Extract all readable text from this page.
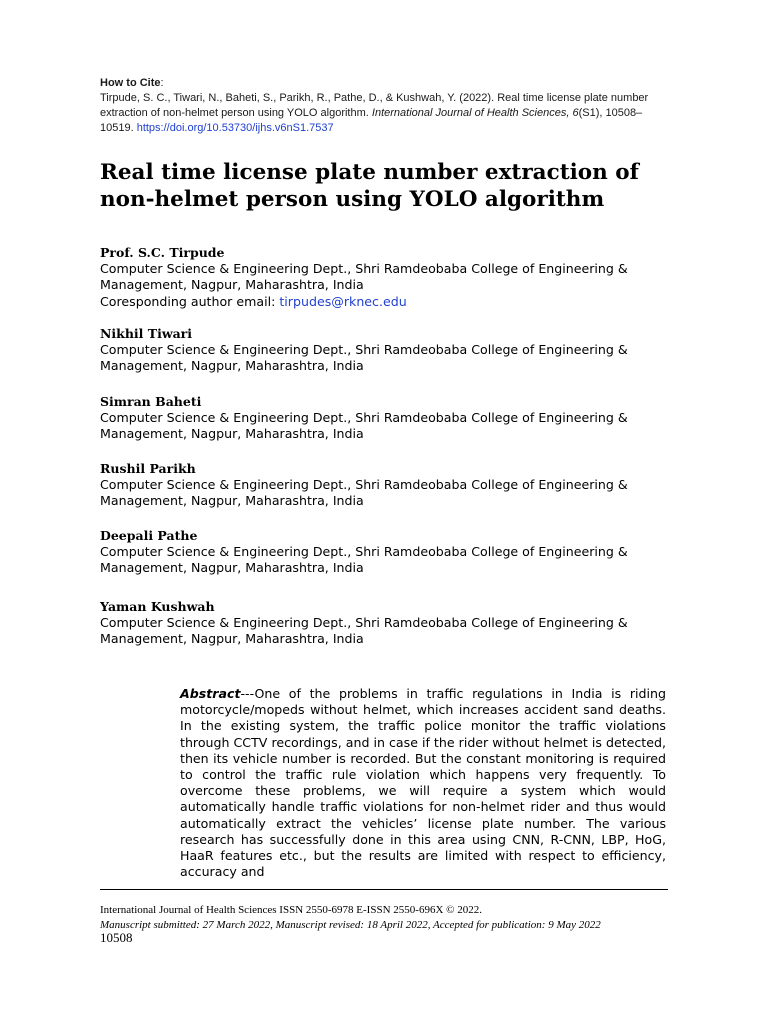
How to Cite:
Tirpude, S. C., Tiwari, N., Baheti, S., Parikh, R., Pathe, D., & Kushwah, Y. (2022). Real time license plate number extraction of non-helmet person using YOLO algorithm. International Journal of Health Sciences, 6(S1), 10508–10519. https://doi.org/10.53730/ijhs.v6nS1.7537
Real time license plate number extraction of non-helmet person using YOLO algorithm
Prof. S.C. Tirpude
Computer Science & Engineering Dept., Shri Ramdeobaba College of Engineering & Management, Nagpur, Maharashtra, India
Coresponding author email: tirpudes@rknec.edu
Nikhil Tiwari
Computer Science & Engineering Dept., Shri Ramdeobaba College of Engineering & Management, Nagpur, Maharashtra, India
Simran Baheti
Computer Science & Engineering Dept., Shri Ramdeobaba College of Engineering & Management, Nagpur, Maharashtra, India
Rushil Parikh
Computer Science & Engineering Dept., Shri Ramdeobaba College of Engineering & Management, Nagpur, Maharashtra, India
Deepali Pathe
Computer Science & Engineering Dept., Shri Ramdeobaba College of Engineering & Management, Nagpur, Maharashtra, India
Yaman Kushwah
Computer Science & Engineering Dept., Shri Ramdeobaba College of Engineering & Management, Nagpur, Maharashtra, India

Abstract---One of the problems in traffic regulations in India is riding motorcycle/mopeds without helmet, which increases accident sand deaths. In the existing system, the traffic police monitor the traffic violations through CCTV recordings, and in case if the rider without helmet is detected, then its vehicle number is recorded. But the constant monitoring is required to control the traffic rule violation which happens very frequently. To overcome these problems, we will require a system which would automatically handle traffic violations for non-helmet rider and thus would automatically extract the vehicles’ license plate number. The various research has successfully done in this area using CNN, R-CNN, LBP, HoG, HaaR features etc., but the results are limited with respect to efficiency, accuracy and

International Journal of Health Sciences ISSN 2550-6978 E-ISSN 2550-696X © 2022.
Manuscript submitted: 27 March 2022, Manuscript revised: 18 April 2022, Accepted for publication: 9 May 2022
10508
